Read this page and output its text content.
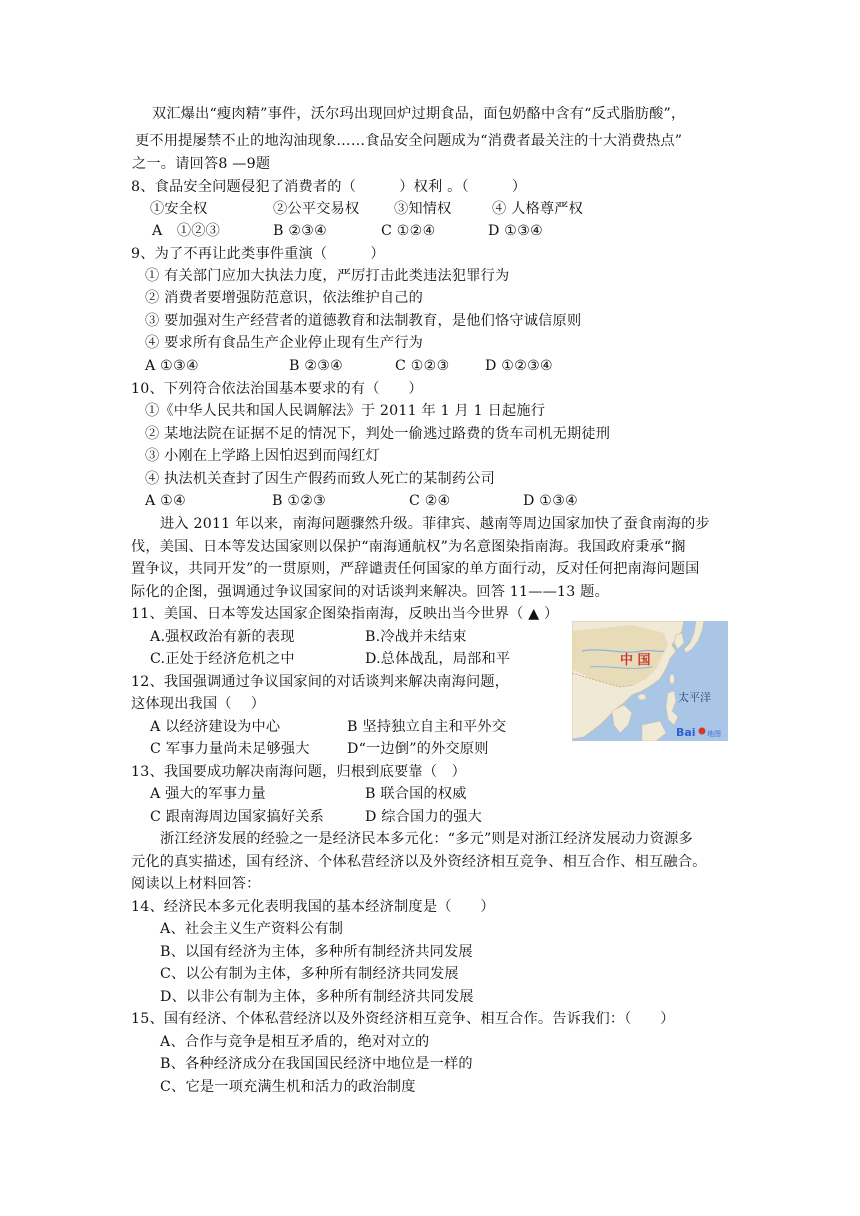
双汇爆出“瘦肉精”事件，沃尔玛出现回炉过期食品，面包奶酪中含有“反式脂肪酸”，
更不用提屡禁不止的地沟油现象……食品安全问题成为“消费者最关注的十大消费热点”
之一。请回答8 —9题
8、食品安全问题侵犯了消费者的（　　　）权利 。（　　　）
①安全权	②公平交易权 ③知情权	④ 人格尊严权
A　①②③	B ②③④	C ①②④	D ①③④
9、为了不再让此类事件重演（　　　）
① 有关部门应加大执法力度，严厉打击此类违法犯罪行为
② 消费者要增强防范意识，依法维护自己的
③ 要加强对生产经营者的道德教育和法制教育，是他们恪守诚信原则
④ 要求所有食品生产企业停止现有生产行为
A ①③④	B ②③④	C ①②③ D ①②③④
10、下列符合依法治国基本要求的有（　　）
①《中华人民共和国人民调解法》于 2011 年 1 月 1 日起施行
② 某地法院在证据不足的情况下，判处一偷逃过路费的货车司机无期徒刑
③ 小刚在上学路上因怕迟到而闯红灯
④ 执法机关查封了因生产假药而致人死亡的某制药公司
A ①④	B ①②③	C ②④	D ①③④
进入 2011 年以来，南海问题骤然升级。菲律宾、越南等周边国家加快了蚕食南海的步
伐，美国、日本等发达国家则以保护“南海通航权”为名意图染指南海。我国政府秉承“搁
置争议，共同开发”的一贯原则，严辞谴责任何国家的单方面行动，反对任何把南海问题国
际化的企图，强调通过争议国家间的对话谈判来解决。回答 11——13 题。
11、美国、日本等发达国家企图染指南海，反映出当今世界（ ▲ ）
A.强权政治有新的表现	B.冷战并未结束
C.正处于经济危机之中	D.总体战乱，局部和平
12、我国强调通过争议国家间的对话谈判来解决南海问题，
这体现出我国（　 ）
A 以经济建设为中心	B 坚持独立自主和平外交
C 军事力量尚未足够强大	D“一边倒”的外交原则
中 国
太平洋
Bai 地图
13、我国要成功解决南海问题，归根到底要靠（　）
A 强大的军事力量	B 联合国的权威
C 跟南海周边国家搞好关系	D 综合国力的强大
浙江经济发展的经验之一是经济民本多元化：“多元”则是对浙江经济发展动力资源多
元化的真实描述，国有经济、个体私营经济以及外资经济相互竞争、相互合作、相互融合。
阅读以上材料回答：
14、经济民本多元化表明我国的基本经济制度是（　　）
A、社会主义生产资料公有制
B、以国有经济为主体，多种所有制经济共同发展
C、以公有制为主体，多种所有制经济共同发展
D、以非公有制为主体，多种所有制经济共同发展
15、国有经济、个体私营经济以及外资经济相互竞争、相互合作。告诉我们：（　　）
A、合作与竞争是相互矛盾的，绝对对立的
B、各种经济成分在我国国民经济中地位是一样的
C、它是一项充满生机和活力的政治制度
